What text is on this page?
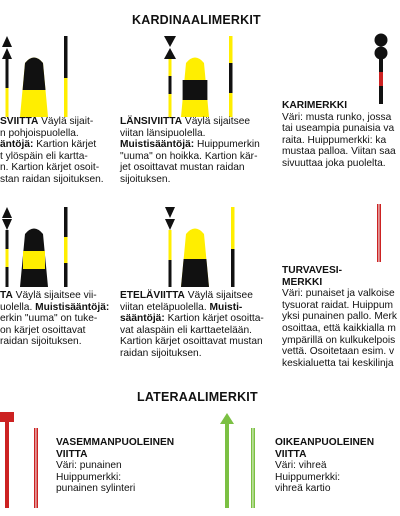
KARDINAALIMERKIT
LATERAALIMERKIT
SVIITTA Väylä sijait-
n pohjoispuolella.
äntöjä: Kartion kärjet
t ylöspäin eli kartta-
n. Kartion kärjet osoit-
stan raidan sijoituksen.
LÄNSIVIITTA Väylä sijaitsee
viitan länsipuolella.
Muistisääntöjä: Huippumerkin
"uuma" on hoikka. Kartion kär-
jet osoittavat mustan raidan
sijoituksen.
KARIMERKKI
Väri: musta runko, jossa
tai useampia punaisia va
raita. Huippumerkki: ka
mustaa palloa. Viitan saa
sivuuttaa joka puolelta.
TA Väylä sijaitsee vii-
uolella. Muistisääntöjä:
erkin "uuma" on tuke-
on kärjet osoittavat
raidan sijoituksen.
ETELÄVIITTA Väylä sijaitsee
viitan eteläpuolella. Muisti-
sääntöjä: Kartion kärjet osoitta-
vat alaspäin eli karttaetelään.
Kartion kärjet osoittavat mustan
raidan sijoituksen.
TURVAVESI-
MERKKI
Väri: punaiset ja valkoise
tysuorat raidat. Huippum
yksi punainen pallo. Merk
osoittaa, että kaikkialla m
ympärillä on kulkukelpois
vettä. Osoitetaan esim. v
keskialuetta tai keskilinja
VASEMMANPUOLEINEN
VIITTA
Väri: punainen
Huippumerkki:
punainen sylinteri
OIKEANPUOLEINEN
VIITTA
Väri: vihreä
Huippumerkki:
vihreä kartio
